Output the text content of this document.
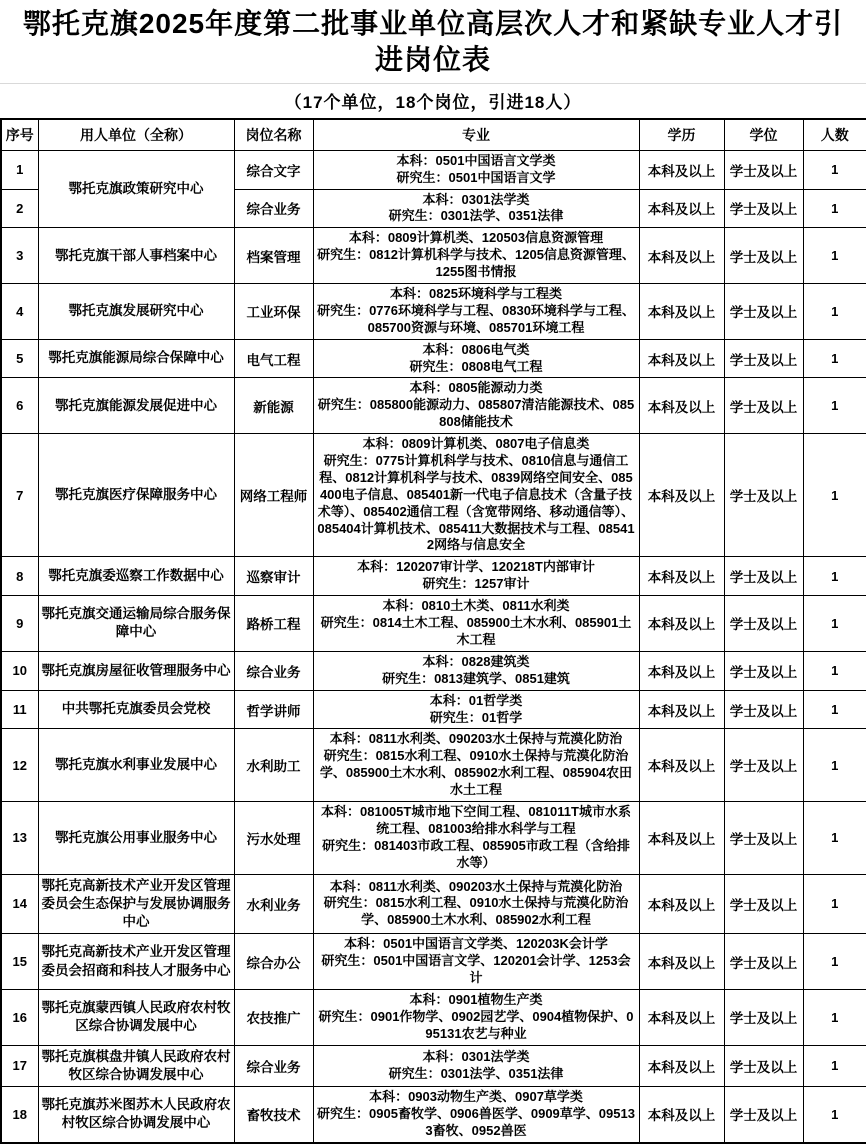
鄂托克旗2025年度第二批事业单位高层次人才和紧缺专业人才引进岗位表
（17个单位，18个岗位，引进18人）
序号	用人单位（全称）	岗位名称	专业	学历	学位	人数
1	鄂托克旗政策研究中心	综合文字	本科：0501中国语言文学类
研究生：0501中国语言文学	本科及以上	学士及以上	1
2		综合业务	本科：0301法学类
研究生：0301法学、0351法律	本科及以上	学士及以上	1
3	鄂托克旗干部人事档案中心	档案管理	本科：0809计算机类、120503信息资源管理
研究生：0812计算机科学与技术、1205信息资源管理、1255图书情报	本科及以上	学士及以上	1
4	鄂托克旗发展研究中心	工业环保	本科：0825环境科学与工程类
研究生：0776环境科学与工程、0830环境科学与工程、085700资源与环境、085701环境工程	本科及以上	学士及以上	1
5	鄂托克旗能源局综合保障中心	电气工程	本科：0806电气类
研究生：0808电气工程	本科及以上	学士及以上	1
6	鄂托克旗能源发展促进中心	新能源	本科：0805能源动力类
研究生：085800能源动力、085807清洁能源技术、085808储能技术	本科及以上	学士及以上	1
7	鄂托克旗医疗保障服务中心	网络工程师	本科：0809计算机类、0807电子信息类
研究生：0775计算机科学与技术、0810信息与通信工程、0812计算机科学与技术、0839网络空间安全、085400电子信息、085401新一代电子信息技术（含量子技术等）、085402通信工程（含宽带网络、移动通信等）、085404计算机技术、085411大数据技术与工程、085412网络与信息安全	本科及以上	学士及以上	1
8	鄂托克旗委巡察工作数据中心	巡察审计	本科：120207审计学、120218T内部审计
研究生：1257审计	本科及以上	学士及以上	1
9	鄂托克旗交通运输局综合服务保障中心	路桥工程	本科：0810土木类、0811水利类
研究生：0814土木工程、085900土木水利、085901土木工程	本科及以上	学士及以上	1
10	鄂托克旗房屋征收管理服务中心	综合业务	本科：0828建筑类
研究生：0813建筑学、0851建筑	本科及以上	学士及以上	1
11	中共鄂托克旗委员会党校	哲学讲师	本科：01哲学类
研究生：01哲学	本科及以上	学士及以上	1
12	鄂托克旗水利事业发展中心	水利助工	本科：0811水利类、090203水土保持与荒漠化防治
研究生：0815水利工程、0910水土保持与荒漠化防治学、085900土木水利、085902水利工程、085904农田水土工程	本科及以上	学士及以上	1
13	鄂托克旗公用事业服务中心	污水处理	本科：081005T城市地下空间工程、081011T城市水系统工程、081003给排水科学与工程
研究生：081403市政工程、085905市政工程（含给排水等）	本科及以上	学士及以上	1
14	鄂托克高新技术产业开发区管理委员会生态保护与发展协调服务中心	水利业务	本科：0811水利类、090203水土保持与荒漠化防治
研究生：0815水利工程、0910水土保持与荒漠化防治学、085900土木水利、085902水利工程	本科及以上	学士及以上	1
15	鄂托克高新技术产业开发区管理委员会招商和科技人才服务中心	综合办公	本科：0501中国语言文学类、120203K会计学
研究生：0501中国语言文学、120201会计学、1253会计	本科及以上	学士及以上	1
16	鄂托克旗蒙西镇人民政府农村牧区综合协调发展中心	农技推广	本科：0901植物生产类
研究生：0901作物学、0902园艺学、0904植物保护、095131农艺与种业	本科及以上	学士及以上	1
17	鄂托克旗棋盘井镇人民政府农村牧区综合协调发展中心	综合业务	本科：0301法学类
研究生：0301法学、0351法律	本科及以上	学士及以上	1
18	鄂托克旗苏米图苏木人民政府农村牧区综合协调发展中心	畜牧技术	本科：0903动物生产类、0907草学类
研究生：0905畜牧学、0906兽医学、0909草学、095133畜牧、0952兽医	本科及以上	学士及以上	1
